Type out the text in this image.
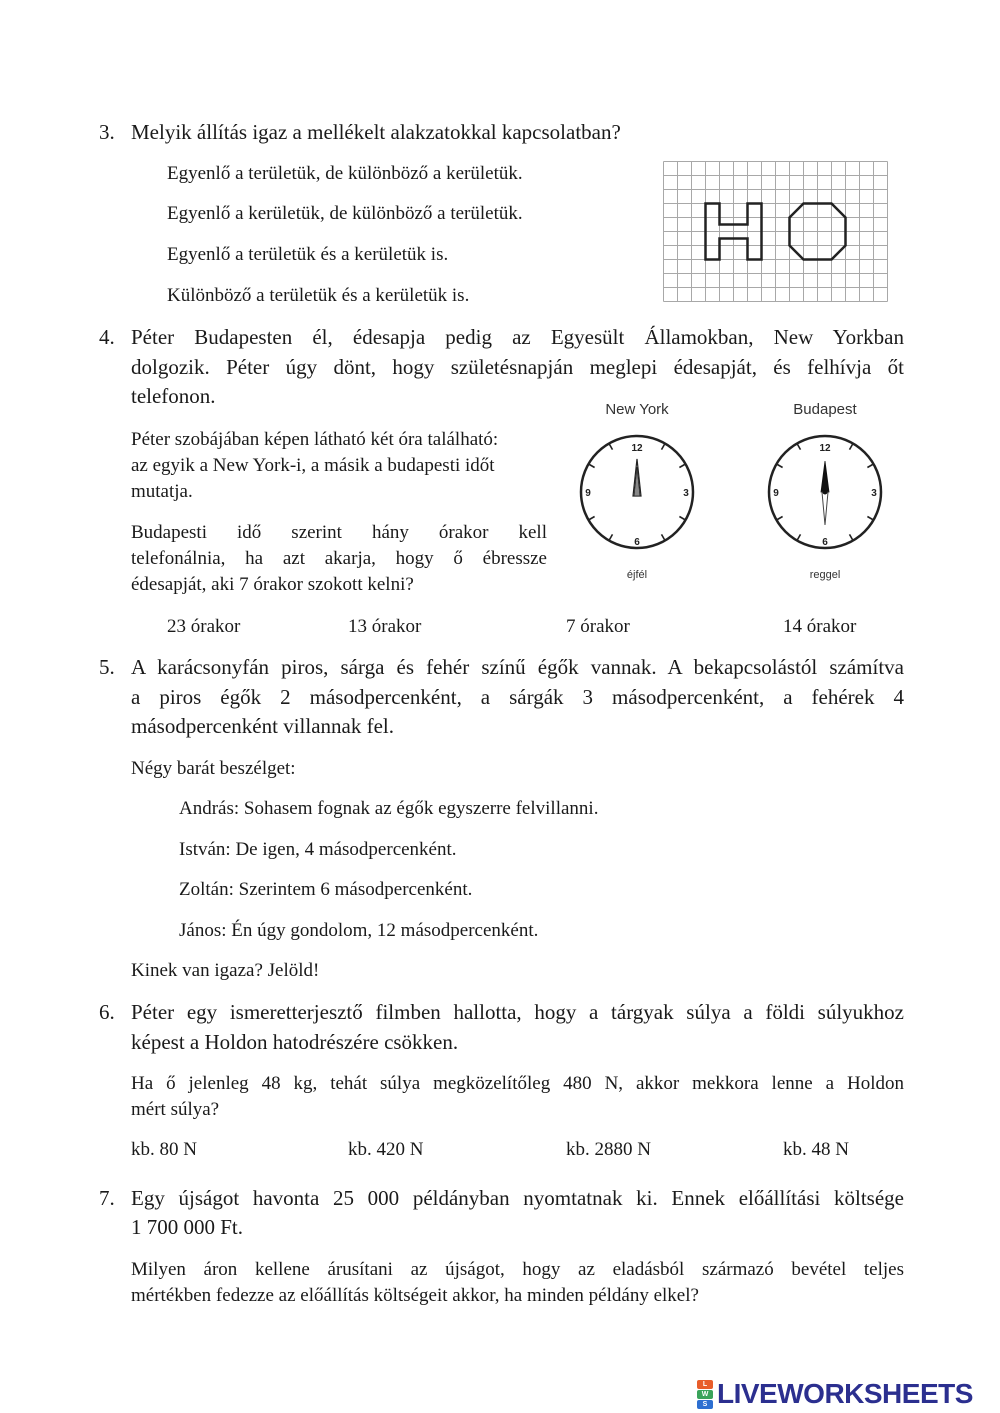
3. Melyik állítás igaz a mellékelt alakzatokkal kapcsolatban?
Egyenlő a területük, de különböző a kerületük.
Egyenlő a kerületük, de különböző a területük.
Egyenlő a területük és a kerületük is.
Különböző a területük és a kerületük is.
4. Péter Budapesten él, édesapja pedig az Egyesült Államokban, New Yorkban
dolgozik. Péter úgy dönt, hogy születésnapján meglepi édesapját, és felhívja őt
telefonon.
Péter szobájában képen látható két óra található:
az egyik a New York-i, a másik a budapesti időt
mutatja.
Budapesti idő szerint hány órakor kell
telefonálnia, ha azt akarja, hogy ő ébressze
édesapját, aki 7 órakor szokott kelni?
New York
12
3
6
9
éjfél
Budapest
12
3
6
9
reggel
23 órakor	13 órakor	7 órakor	14 órakor
5. A karácsonyfán piros, sárga és fehér színű égők vannak. A bekapcsolástól számítva
a piros égők 2 másodpercenként, a sárgák 3 másodpercenként, a fehérek 4
másodpercenként villannak fel.
Négy barát beszélget:
András: Sohasem fognak az égők egyszerre felvillanni.
István: De igen, 4 másodpercenként.
Zoltán: Szerintem 6 másodpercenként.
János: Én úgy gondolom, 12 másodpercenként.
Kinek van igaza? Jelöld!
6. Péter egy ismeretterjesztő filmben hallotta, hogy a tárgyak súlya a földi súlyukhoz
képest a Holdon hatodrészére csökken.
Ha ő jelenleg 48 kg, tehát súlya megközelítőleg 480 N, akkor mekkora lenne a Holdon
mért súlya?
kb. 80 N	kb. 420 N	kb. 2880 N	kb. 48 N
7. Egy újságot havonta 25 000 példányban nyomtatnak ki. Ennek előállítási költsége
1 700 000 Ft.
Milyen áron kellene árusítani az újságot, hogy az eladásból származó bevétel teljes
mértékben fedezze az előállítás költségeit akkor, ha minden példány elkel?
L
W
S LIVEWORKSHEETS
